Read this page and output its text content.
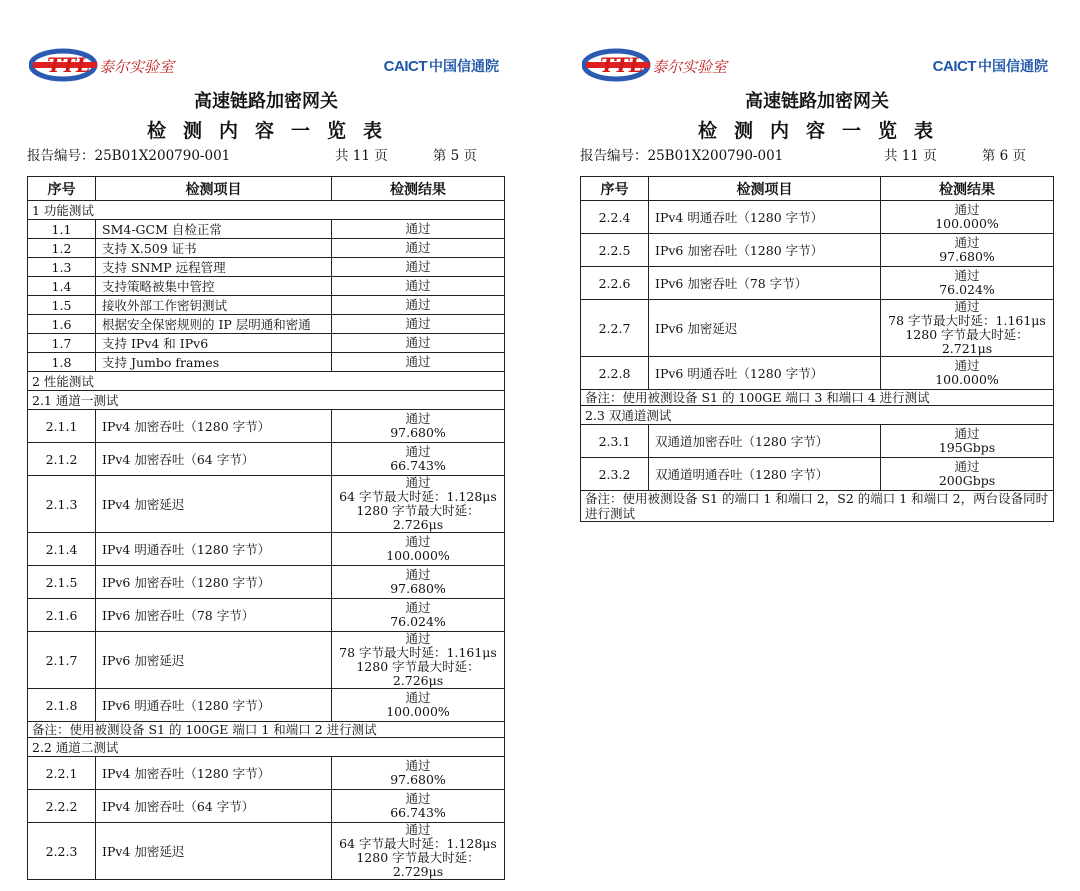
TTL 泰尔实验室	CAICT 中国信通院
高速链路加密网关
检测内容一览表
报告编号：25B01X200790-001	共 11 页	第 5 页
序号	检测项目	检测结果
1 功能测试		
1.1	SM4-GCM 自检正常	通过
1.2	支持 X.509 证书	通过
1.3	支持 SNMP 远程管理	通过
1.4	支持策略被集中管控	通过
1.5	接收外部工作密钥测试	通过
1.6	根据安全保密规则的 IP 层明通和密通	通过
1.7	支持 IPv4 和 IPv6	通过
1.8	支持 Jumbo frames	通过
2 性能测试		
2.1 通道一测试		
2.1.1	IPv4 加密吞吐（1280 字节）	通过
97.680%

2.1.2	IPv4 加密吞吐（64 字节）	通过
66.743%

2.1.3	IPv4 加密延迟	通过
64 字节最大时延：1.128μs
1280 字节最大时延：2.726μs

2.1.4	IPv4 明通吞吐（1280 字节）	通过
100.000%

2.1.5	IPv6 加密吞吐（1280 字节）	通过
97.680%

2.1.6	IPv6 加密吞吐（78 字节）	通过
76.024%

2.1.7	IPv6 加密延迟	通过
78 字节最大时延：1.161μs
1280 字节最大时延：2.726μs

2.1.8	IPv6 明通吞吐（1280 字节）	通过
100.000%

备注：使用被测设备 S1 的 100GE 端口 1 和端口 2 进行测试		
2.2 通道二测试		
2.2.1	IPv4 加密吞吐（1280 字节）	通过
97.680%

2.2.2	IPv4 加密吞吐（64 字节）	通过
66.743%

2.2.3	IPv4 加密延迟	通过
64 字节最大时延：1.128μs
1280 字节最大时延：2.729μs
TTL 泰尔实验室	CAICT 中国信通院
高速链路加密网关
检测内容一览表
报告编号：25B01X200790-001	共 11 页	第 6 页
序号	检测项目	检测结果
2.2.4	IPv4 明通吞吐（1280 字节）	通过
100.000%

2.2.5	IPv6 加密吞吐（1280 字节）	通过
97.680%

2.2.6	IPv6 加密吞吐（78 字节）	通过
76.024%

2.2.7	IPv6 加密延迟	通过
78 字节最大时延：1.161μs
1280 字节最大时延：2.721μs

2.2.8	IPv6 明通吞吐（1280 字节）	通过
100.000%

备注：使用被测设备 S1 的 100GE 端口 3 和端口 4 进行测试		
2.3 双通道测试		
2.3.1	双通道加密吞吐（1280 字节）	通过
195Gbps

2.3.2	双通道明通吞吐（1280 字节）	通过
200Gbps

备注：使用被测设备 S1 的端口 1 和端口 2，S2 的端口 1 和端口 2，两台设备同时进行测试		
